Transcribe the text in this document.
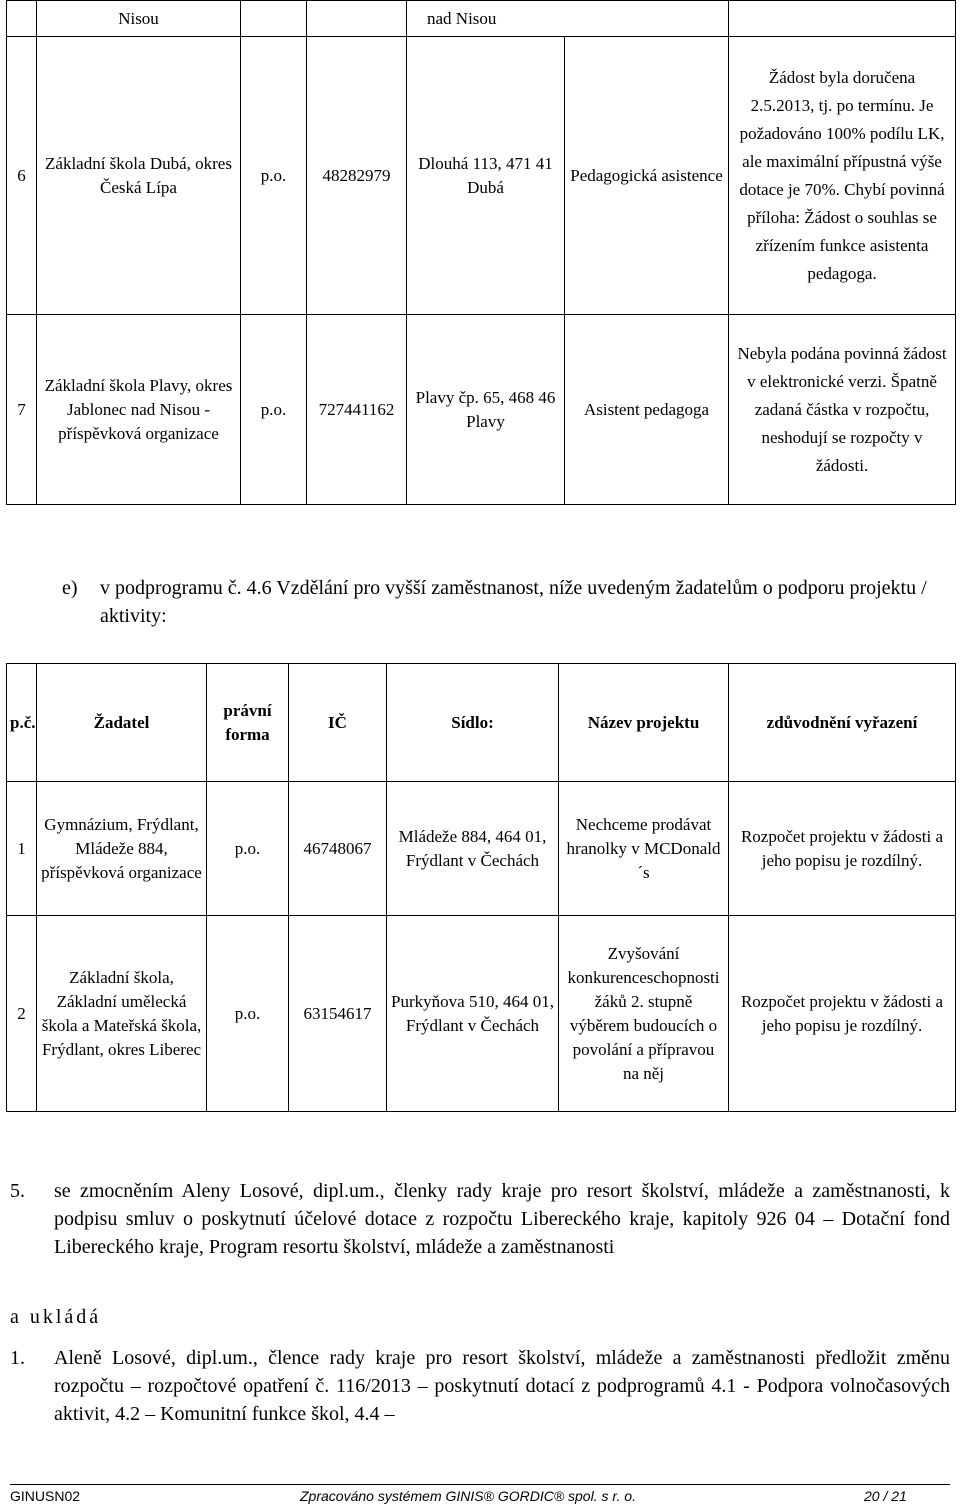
	Nisou			nad Nisou		
6	Základní škola Dubá, okres Česká Lípa	p.o.	48282979	Dlouhá 113, 471 41 Dubá	Pedagogická asistence	Žádost byla doručena 2.5.2013, tj. po termínu. Je požadováno 100% podílu LK, ale maximální přípustná výše dotace je 70%. Chybí povinná příloha: Žádost o souhlas se zřízením funkce asistenta pedagoga.
7	Základní škola Plavy, okres Jablonec nad Nisou - příspěvková organizace	p.o.	727441162	Plavy čp. 65, 468 46 Plavy	Asistent pedagoga	Nebyla podána povinná žádost v elektronické verzi. Špatně zadaná částka v rozpočtu, neshodují se rozpočty v žádosti.
e) v podprogramu č. 4.6 Vzdělání pro vyšší zaměstnanost, níže uvedeným žadatelům o podporu projektu / aktivity:
p.č.	Žadatel	právní forma	IČ	Sídlo:	Název projektu	zdůvodnění vyřazení
1	Gymnázium, Frýdlant, Mládeže 884, příspěvková organizace	p.o.	46748067	Mládeže 884, 464 01, Frýdlant v Čechách	Nechceme prodávat hranolky v MCDonald´s	Rozpočet projektu v žádosti a jeho popisu je rozdílný.
2	Základní škola, Základní umělecká škola a Mateřská škola, Frýdlant, okres Liberec	p.o.	63154617	Purkyňova 510, 464 01, Frýdlant v Čechách	Zvyšování konkurenceschopnosti žáků 2. stupně výběrem budoucích o povolání a přípravou na něj	Rozpočet projektu v žádosti a jeho popisu je rozdílný.
5. se zmocněním Aleny Losové, dipl.um., členky rady kraje pro resort školství, mládeže a zaměstnanosti, k podpisu smluv o poskytnutí účelové dotace z rozpočtu Libereckého kraje, kapitoly 926 04 – Dotační fond Libereckého kraje, Program resortu školství, mládeže a zaměstnanosti
a ukládá
1. Aleně Losové, dipl.um., člence rady kraje pro resort školství, mládeže a zaměstnanosti předložit změnu rozpočtu – rozpočtové opatření č. 116/2013 – poskytnutí dotací z podprogramů 4.1 - Podpora volnočasových aktivit, 4.2 – Komunitní funkce škol, 4.4 –
GINUSN02	Zpracováno systémem GINIS® GORDIC® spol. s r. o.	20 / 21
